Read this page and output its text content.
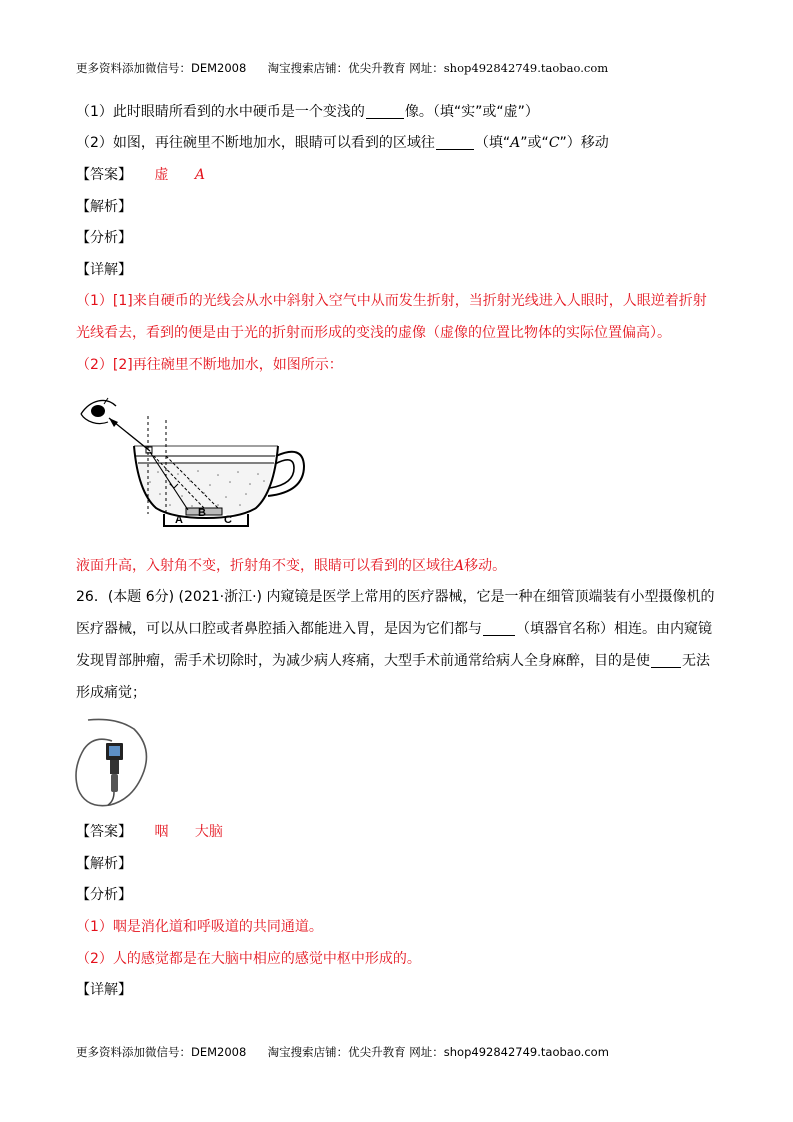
更多资料添加微信号：DEM2008 淘宝搜索店铺：优尖升教育 网址：shop492842749.taobao.com
（1）此时眼睛所看到的水中硬币是一个变浅的	像。（填“实”或“虚”）
（2）如图，再往碗里不断地加水，眼睛可以看到的区域往	（填“A”或“C”）移动
【答案】 虚 A
【解析】
【分析】
【详解】
（1）[1]来自硬币的光线会从水中斜射入空气中从而发生折射，当折射光线进入人眼时，人眼逆着折射光线看去，看到的便是由于光的折射而形成的变浅的虚像（虚像的位置比物体的实际位置偏高）。
（2）[2]再往碗里不断地加水，如图所示：
A
B
C
液面升高，入射角不变，折射角不变，眼睛可以看到的区域往A移动。
26．(本题 6分) (2021·浙江·) 内窥镜是医学上常用的医疗器械，它是一种在细管顶端装有小型摄像机的医疗器械，可以从口腔或者鼻腔插入都能进入胃，是因为它们都与 （填器官名称）相连。由内窥镜发现胃部肿瘤，需手术切除时，为减少病人疼痛，大型手术前通常给病人全身麻醉，目的是使 无法形成痛觉；
【答案】 咽 大脑
【解析】
【分析】
（1）咽是消化道和呼吸道的共同通道。
（2）人的感觉都是在大脑中相应的感觉中枢中形成的。
【详解】
更多资料添加微信号：DEM2008 淘宝搜索店铺：优尖升教育 网址：shop492842749.taobao.com
